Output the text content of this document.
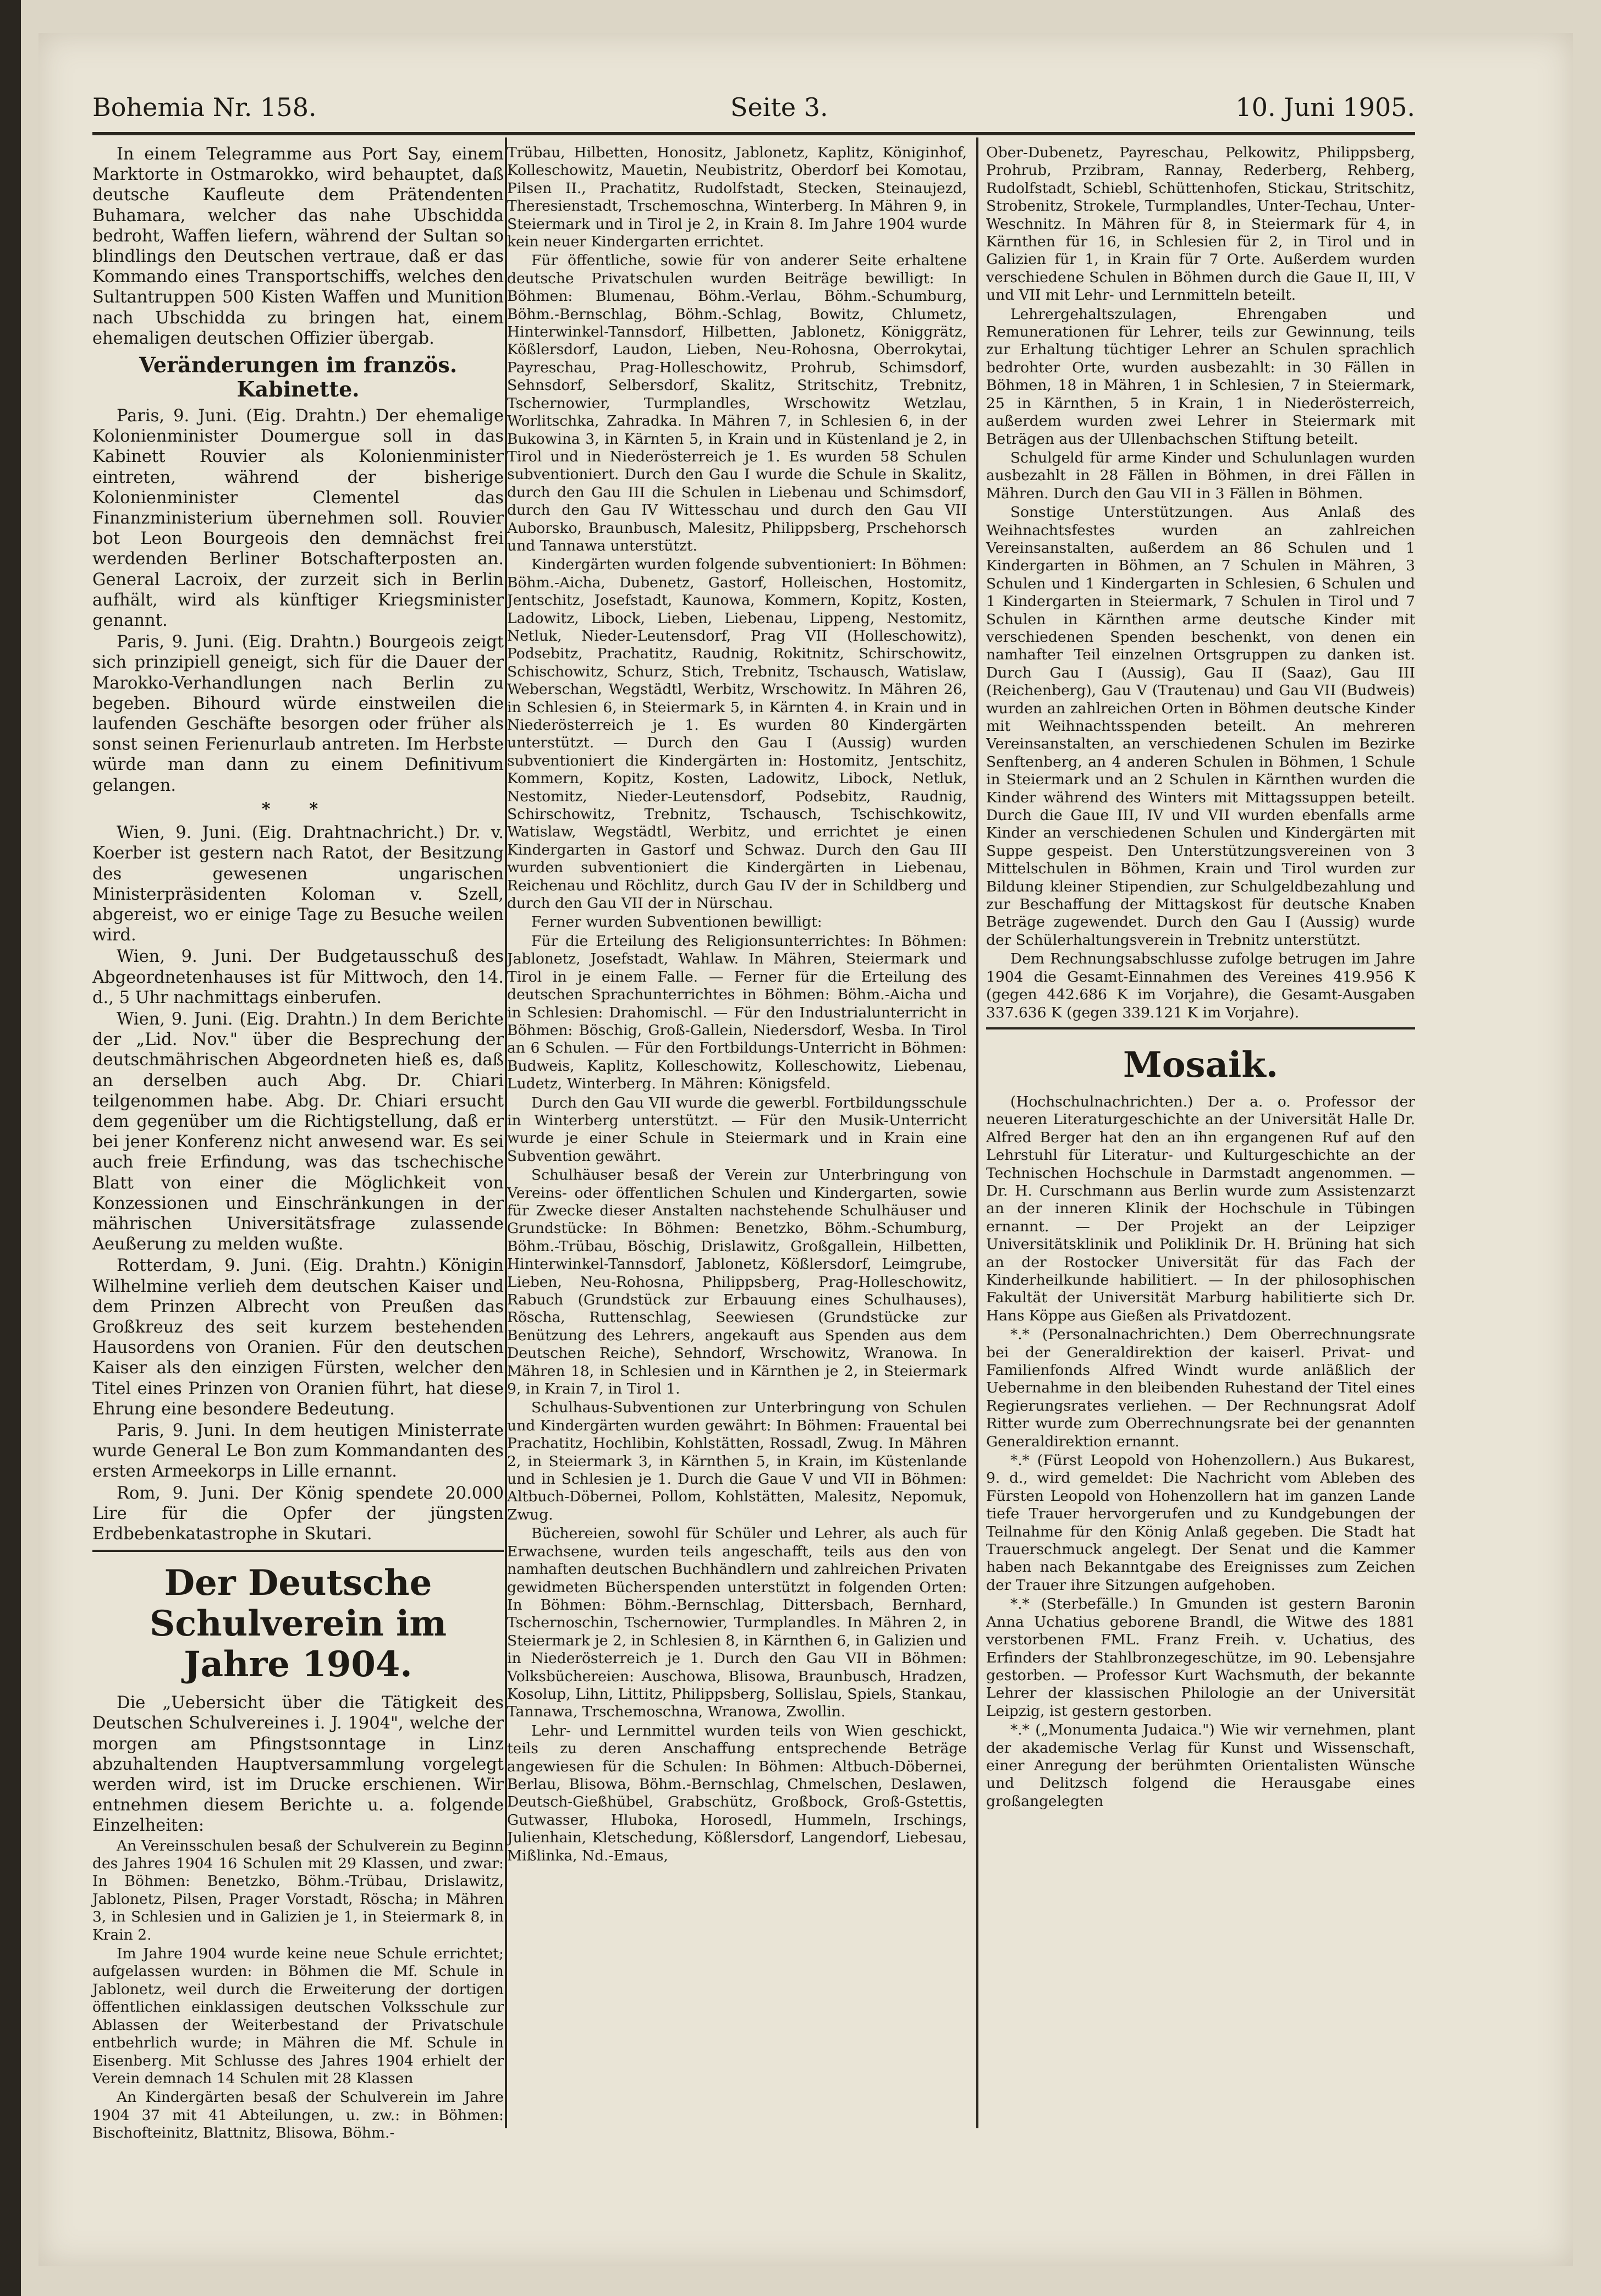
Bohemia Nr. 158.	Seite 3.	10. Juni 1905.

In einem Telegramme aus Port Say, einem Marktorte in Ostmarokko, wird behauptet, daß deutsche Kaufleute dem Prätendenten Buhamara, welcher das nahe Ubschidda bedroht, Waffen liefern, während der Sultan so blindlings den Deutschen vertraue, daß er das Kommando eines Transportschiffs, welches den Sultantruppen 500 Kisten Waffen und Munition nach Ubschidda zu bringen hat, einem ehemaligen deutschen Offizier übergab.

Veränderungen im französ. Kabinette.

Paris, 9. Juni. (Eig. Drahtn.) Der ehemalige Kolonienminister Doumergue soll in das Kabinett Rouvier als Kolonienminister eintreten, während der bisherige Kolonienminister Clementel das Finanzministerium übernehmen soll. Rouvier bot Leon Bourgeois den demnächst frei werdenden Berliner Botschafterposten an. General Lacroix, der zurzeit sich in Berlin aufhält, wird als künftiger Kriegsminister genannt.

Paris, 9. Juni. (Eig. Drahtn.) Bourgeois zeigt sich prinzipiell geneigt, sich für die Dauer der Marokko-Verhandlungen nach Berlin zu begeben. Bihourd würde einstweilen die laufenden Geschäfte besorgen oder früher als sonst seinen Ferienurlaub antreten. Im Herbste würde man dann zu einem Definitivum gelangen.

* *

Wien, 9. Juni. (Eig. Drahtnachricht.) Dr. v. Koerber ist gestern nach Ratot, der Besitzung des gewesenen ungarischen Ministerpräsidenten Koloman v. Szell, abgereist, wo er einige Tage zu Besuche weilen wird.

Wien, 9. Juni. Der Budgetausschuß des Abgeordnetenhauses ist für Mittwoch, den 14. d., 5 Uhr nachmittags einberufen.

Wien, 9. Juni. (Eig. Drahtn.) In dem Berichte der „Lid. Nov." über die Besprechung der deutschmährischen Abgeordneten hieß es, daß an derselben auch Abg. Dr. Chiari teilgenommen habe. Abg. Dr. Chiari ersucht dem gegenüber um die Richtigstellung, daß er bei jener Konferenz nicht anwesend war. Es sei auch freie Erfindung, was das tschechische Blatt von einer die Möglichkeit von Konzessionen und Einschränkungen in der mährischen Universitätsfrage zulassende Aeußerung zu melden wußte.

Rotterdam, 9. Juni. (Eig. Drahtn.) Königin Wilhelmine verlieh dem deutschen Kaiser und dem Prinzen Albrecht von Preußen das Großkreuz des seit kurzem bestehenden Hausordens von Oranien. Für den deutschen Kaiser als den einzigen Fürsten, welcher den Titel eines Prinzen von Oranien führt, hat diese Ehrung eine besondere Bedeutung.

Paris, 9. Juni. In dem heutigen Ministerrate wurde General Le Bon zum Kommandanten des ersten Armeekorps in Lille ernannt.

Rom, 9. Juni. Der König spendete 20.000 Lire für die Opfer der jüngsten Erdbebenkatastrophe in Skutari.

Der Deutsche Schulverein im Jahre 1904.

Die „Uebersicht über die Tätigkeit des Deutschen Schulvereines i. J. 1904", welche der morgen am Pfingstsonntage in Linz abzuhaltenden Hauptversammlung vorgelegt werden wird, ist im Drucke erschienen. Wir entnehmen diesem Berichte u. a. folgende Einzelheiten:

An Vereinsschulen besaß der Schulverein zu Beginn des Jahres 1904 16 Schulen mit 29 Klassen, und zwar: In Böhmen: Benetzko, Böhm.-Trübau, Drislawitz, Jablonetz, Pilsen, Prager Vorstadt, Röscha; in Mähren 3, in Schlesien und in Galizien je 1, in Steiermark 8, in Krain 2.

Im Jahre 1904 wurde keine neue Schule errichtet; aufgelassen wurden: in Böhmen die Mf. Schule in Jablonetz, weil durch die Erweiterung der dortigen öffentlichen einklassigen deutschen Volksschule zur Ablassen der Weiterbestand der Privatschule entbehrlich wurde; in Mähren die Mf. Schule in Eisenberg. Mit Schlusse des Jahres 1904 erhielt der Verein demnach 14 Schulen mit 28 Klassen

An Kindergärten besaß der Schulverein im Jahre 1904 37 mit 41 Abteilungen, u. zw.: in Böhmen: Bischofteinitz, Blattnitz, Blisowa, Böhm.-

Trübau, Hilbetten, Honositz, Jablonetz, Kaplitz, Königinhof, Kolleschowitz, Mauetin, Neubistritz, Oberdorf bei Komotau, Pilsen II., Prachatitz, Rudolfstadt, Stecken, Steinaujezd, Theresienstadt, Trschemoschna, Winterberg. In Mähren 9, in Steiermark und in Tirol je 2, in Krain 8. Im Jahre 1904 wurde kein neuer Kindergarten errichtet.

Für öffentliche, sowie für von anderer Seite erhaltene deutsche Privatschulen wurden Beiträge bewilligt: In Böhmen: Blumenau, Böhm.-Verlau, Böhm.-Schumburg, Böhm.-Bernschlag, Böhm.-Schlag, Bowitz, Chlumetz, Hinterwinkel-Tannsdorf, Hilbetten, Jablonetz, Königgrätz, Kößlersdorf, Laudon, Lieben, Neu-Rohosna, Oberrokytai, Payreschau, Prag-Holleschowitz, Prohrub, Schimsdorf, Sehnsdorf, Selbersdorf, Skalitz, Stritschitz, Trebnitz, Tschernowier, Turmplandles, Wrschowitz Wetzlau, Worlitschka, Zahradka. In Mähren 7, in Schlesien 6, in der Bukowina 3, in Kärnten 5, in Krain und in Küstenland je 2, in Tirol und in Niederösterreich je 1. Es wurden 58 Schulen subventioniert. Durch den Gau I wurde die Schule in Skalitz, durch den Gau III die Schulen in Liebenau und Schimsdorf, durch den Gau IV Wittesschau und durch den Gau VII Auborsko, Braunbusch, Malesitz, Philippsberg, Prschehorsch und Tannawa unterstützt.

Kindergärten wurden folgende subventioniert: In Böhmen: Böhm.-Aicha, Dubenetz, Gastorf, Holleischen, Hostomitz, Jentschitz, Josefstadt, Kaunowa, Kommern, Kopitz, Kosten, Ladowitz, Libock, Lieben, Liebenau, Lippeng, Nestomitz, Netluk, Nieder-Leutensdorf, Prag VII (Holleschowitz), Podsebitz, Prachatitz, Raudnig, Rokitnitz, Schirschowitz, Schischowitz, Schurz, Stich, Trebnitz, Tschausch, Watislaw, Weberschan, Wegstädtl, Werbitz, Wrschowitz. In Mähren 26, in Schlesien 6, in Steiermark 5, in Kärnten 4. in Krain und in Niederösterreich je 1. Es wurden 80 Kindergärten unterstützt. — Durch den Gau I (Aussig) wurden subventioniert die Kindergärten in: Hostomitz, Jentschitz, Kommern, Kopitz, Kosten, Ladowitz, Libock, Netluk, Nestomitz, Nieder-Leutensdorf, Podsebitz, Raudnig, Schirschowitz, Trebnitz, Tschausch, Tschischkowitz, Watislaw, Wegstädtl, Werbitz, und errichtet je einen Kindergarten in Gastorf und Schwaz. Durch den Gau III wurden subventioniert die Kindergärten in Liebenau, Reichenau und Röchlitz, durch Gau IV der in Schildberg und durch den Gau VII der in Nürschau.

Ferner wurden Subventionen bewilligt:

Für die Erteilung des Religionsunterrichtes: In Böhmen: Jablonetz, Josefstadt, Wahlaw. In Mähren, Steiermark und Tirol in je einem Falle. — Ferner für die Erteilung des deutschen Sprachunterrichtes in Böhmen: Böhm.-Aicha und in Schlesien: Drahomischl. — Für den Industrialunterricht in Böhmen: Böschig, Groß-Gallein, Niedersdorf, Wesba. In Tirol an 6 Schulen. — Für den Fortbildungs-Unterricht in Böhmen: Budweis, Kaplitz, Kolleschowitz, Kolleschowitz, Liebenau, Ludetz, Winterberg. In Mähren: Königsfeld.

Durch den Gau VII wurde die gewerbl. Fortbildungsschule in Winterberg unterstützt. — Für den Musik-Unterricht wurde je einer Schule in Steiermark und in Krain eine Subvention gewährt.

Schulhäuser besaß der Verein zur Unterbringung von Vereins- oder öffentlichen Schulen und Kindergarten, sowie für Zwecke dieser Anstalten nachstehende Schulhäuser und Grundstücke: In Böhmen: Benetzko, Böhm.-Schumburg, Böhm.-Trübau, Böschig, Drislawitz, Großgallein, Hilbetten, Hinterwinkel-Tannsdorf, Jablonetz, Kößlersdorf, Leimgrube, Lieben, Neu-Rohosna, Philippsberg, Prag-Holleschowitz, Rabuch (Grundstück zur Erbauung eines Schulhauses), Röscha, Ruttenschlag, Seewiesen (Grundstücke zur Benützung des Lehrers, angekauft aus Spenden aus dem Deutschen Reiche), Sehndorf, Wrschowitz, Wranowa. In Mähren 18, in Schlesien und in Kärnthen je 2, in Steiermark 9, in Krain 7, in Tirol 1.

Schulhaus-Subventionen zur Unterbringung von Schulen und Kindergärten wurden gewährt: In Böhmen: Frauental bei Prachatitz, Hochlibin, Kohlstätten, Rossadl, Zwug. In Mähren 2, in Steiermark 3, in Kärnthen 5, in Krain, im Küstenlande und in Schlesien je 1. Durch die Gaue V und VII in Böhmen: Altbuch-Döbernei, Pollom, Kohlstätten, Malesitz, Nepomuk, Zwug.

Büchereien, sowohl für Schüler und Lehrer, als auch für Erwachsene, wurden teils angeschafft, teils aus den von namhaften deutschen Buchhändlern und zahlreichen Privaten gewidmeten Bücherspenden unterstützt in folgenden Orten: In Böhmen: Böhm.-Bernschlag, Dittersbach, Bernhard, Tschernoschin, Tschernowier, Turmplandles. In Mähren 2, in Steiermark je 2, in Schlesien 8, in Kärnthen 6, in Galizien und in Niederösterreich je 1. Durch den Gau VII in Böhmen: Volksbüchereien: Auschowa, Blisowa, Braunbusch, Hradzen, Kosolup, Lihn, Littitz, Philippsberg, Sollislau, Spiels, Stankau, Tannawa, Trschemoschna, Wranowa, Zwollin.

Lehr- und Lernmittel wurden teils von Wien geschickt, teils zu deren Anschaffung entsprechende Beträge angewiesen für die Schulen: In Böhmen: Altbuch-Döbernei, Berlau, Blisowa, Böhm.-Bernschlag, Chmelschen, Deslawen, Deutsch-Gießhübel, Grabschütz, Großbock, Groß-Gstettis, Gutwasser, Hluboka, Horosedl, Hummeln, Irschings, Julienhain, Kletschedung, Kößlersdorf, Langendorf, Liebesau, Mißlinka, Nd.-Emaus,

Ober-Dubenetz, Payreschau, Pelkowitz, Philippsberg, Prohrub, Przibram, Rannay, Rederberg, Rehberg, Rudolfstadt, Schiebl, Schüttenhofen, Stickau, Stritschitz, Strobenitz, Strokele, Turmplandles, Unter-Techau, Unter-Weschnitz. In Mähren für 8, in Steiermark für 4, in Kärnthen für 16, in Schlesien für 2, in Tirol und in Galizien für 1, in Krain für 7 Orte. Außerdem wurden verschiedene Schulen in Böhmen durch die Gaue II, III, V und VII mit Lehr- und Lernmitteln beteilt.

Lehrergehaltszulagen, Ehrengaben und Remunerationen für Lehrer, teils zur Gewinnung, teils zur Erhaltung tüchtiger Lehrer an Schulen sprachlich bedrohter Orte, wurden ausbezahlt: in 30 Fällen in Böhmen, 18 in Mähren, 1 in Schlesien, 7 in Steiermark, 25 in Kärnthen, 5 in Krain, 1 in Niederösterreich, außerdem wurden zwei Lehrer in Steiermark mit Beträgen aus der Ullenbachschen Stiftung beteilt.

Schulgeld für arme Kinder und Schulunlagen wurden ausbezahlt in 28 Fällen in Böhmen, in drei Fällen in Mähren. Durch den Gau VII in 3 Fällen in Böhmen.

Sonstige Unterstützungen. Aus Anlaß des Weihnachtsfestes wurden an zahlreichen Vereinsanstalten, außerdem an 86 Schulen und 1 Kindergarten in Böhmen, an 7 Schulen in Mähren, 3 Schulen und 1 Kindergarten in Schlesien, 6 Schulen und 1 Kindergarten in Steiermark, 7 Schulen in Tirol und 7 Schulen in Kärnthen arme deutsche Kinder mit verschiedenen Spenden beschenkt, von denen ein namhafter Teil einzelnen Ortsgruppen zu danken ist. Durch Gau I (Aussig), Gau II (Saaz), Gau III (Reichenberg), Gau V (Trautenau) und Gau VII (Budweis) wurden an zahlreichen Orten in Böhmen deutsche Kinder mit Weihnachtsspenden beteilt. An mehreren Vereinsanstalten, an verschiedenen Schulen im Bezirke Senftenberg, an 4 anderen Schulen in Böhmen, 1 Schule in Steiermark und an 2 Schulen in Kärnthen wurden die Kinder während des Winters mit Mittagssuppen beteilt. Durch die Gaue III, IV und VII wurden ebenfalls arme Kinder an verschiedenen Schulen und Kindergärten mit Suppe gespeist. Den Unterstützungsvereinen von 3 Mittelschulen in Böhmen, Krain und Tirol wurden zur Bildung kleiner Stipendien, zur Schulgeldbezahlung und zur Beschaffung der Mittagskost für deutsche Knaben Beträge zugewendet. Durch den Gau I (Aussig) wurde der Schülerhaltungsverein in Trebnitz unterstützt.

Dem Rechnungsabschlusse zufolge betrugen im Jahre 1904 die Gesamt-Einnahmen des Vereines 419.956 K (gegen 442.686 K im Vorjahre), die Gesamt-Ausgaben 337.636 K (gegen 339.121 K im Vorjahre).

Mosaik.

(Hochschulnachrichten.) Der a. o. Professor der neueren Literaturgeschichte an der Universität Halle Dr. Alfred Berger hat den an ihn ergangenen Ruf auf den Lehrstuhl für Literatur- und Kulturgeschichte an der Technischen Hochschule in Darmstadt angenommen. — Dr. H. Curschmann aus Berlin wurde zum Assistenzarzt an der inneren Klinik der Hochschule in Tübingen ernannt. — Der Projekt an der Leipziger Universitätsklinik und Poliklinik Dr. H. Brüning hat sich an der Rostocker Universität für das Fach der Kinderheilkunde habilitiert. — In der philosophischen Fakultät der Universität Marburg habilitierte sich Dr. Hans Köppe aus Gießen als Privatdozent.

*.* (Personalnachrichten.) Dem Oberrechnungsrate bei der Generaldirektion der kaiserl. Privat- und Familienfonds Alfred Windt wurde anläßlich der Uebernahme in den bleibenden Ruhestand der Titel eines Regierungsrates verliehen. — Der Rechnungsrat Adolf Ritter wurde zum Oberrechnungsrate bei der genannten Generaldirektion ernannt.

*.* (Fürst Leopold von Hohenzollern.) Aus Bukarest, 9. d., wird gemeldet: Die Nachricht vom Ableben des Fürsten Leopold von Hohenzollern hat im ganzen Lande tiefe Trauer hervorgerufen und zu Kundgebungen der Teilnahme für den König Anlaß gegeben. Die Stadt hat Trauerschmuck angelegt. Der Senat und die Kammer haben nach Bekanntgabe des Ereignisses zum Zeichen der Trauer ihre Sitzungen aufgehoben.

*.* (Sterbefälle.) In Gmunden ist gestern Baronin Anna Uchatius geborene Brandl, die Witwe des 1881 verstorbenen FML. Franz Freih. v. Uchatius, des Erfinders der Stahlbronzegeschütze, im 90. Lebensjahre gestorben. — Professor Kurt Wachsmuth, der bekannte Lehrer der klassischen Philologie an der Universität Leipzig, ist gestern gestorben.

*.* („Monumenta Judaica.") Wie wir vernehmen, plant der akademische Verlag für Kunst und Wissenschaft, einer Anregung der berühmten Orientalisten Wünsche und Delitzsch folgend die Herausgabe eines großangelegten
